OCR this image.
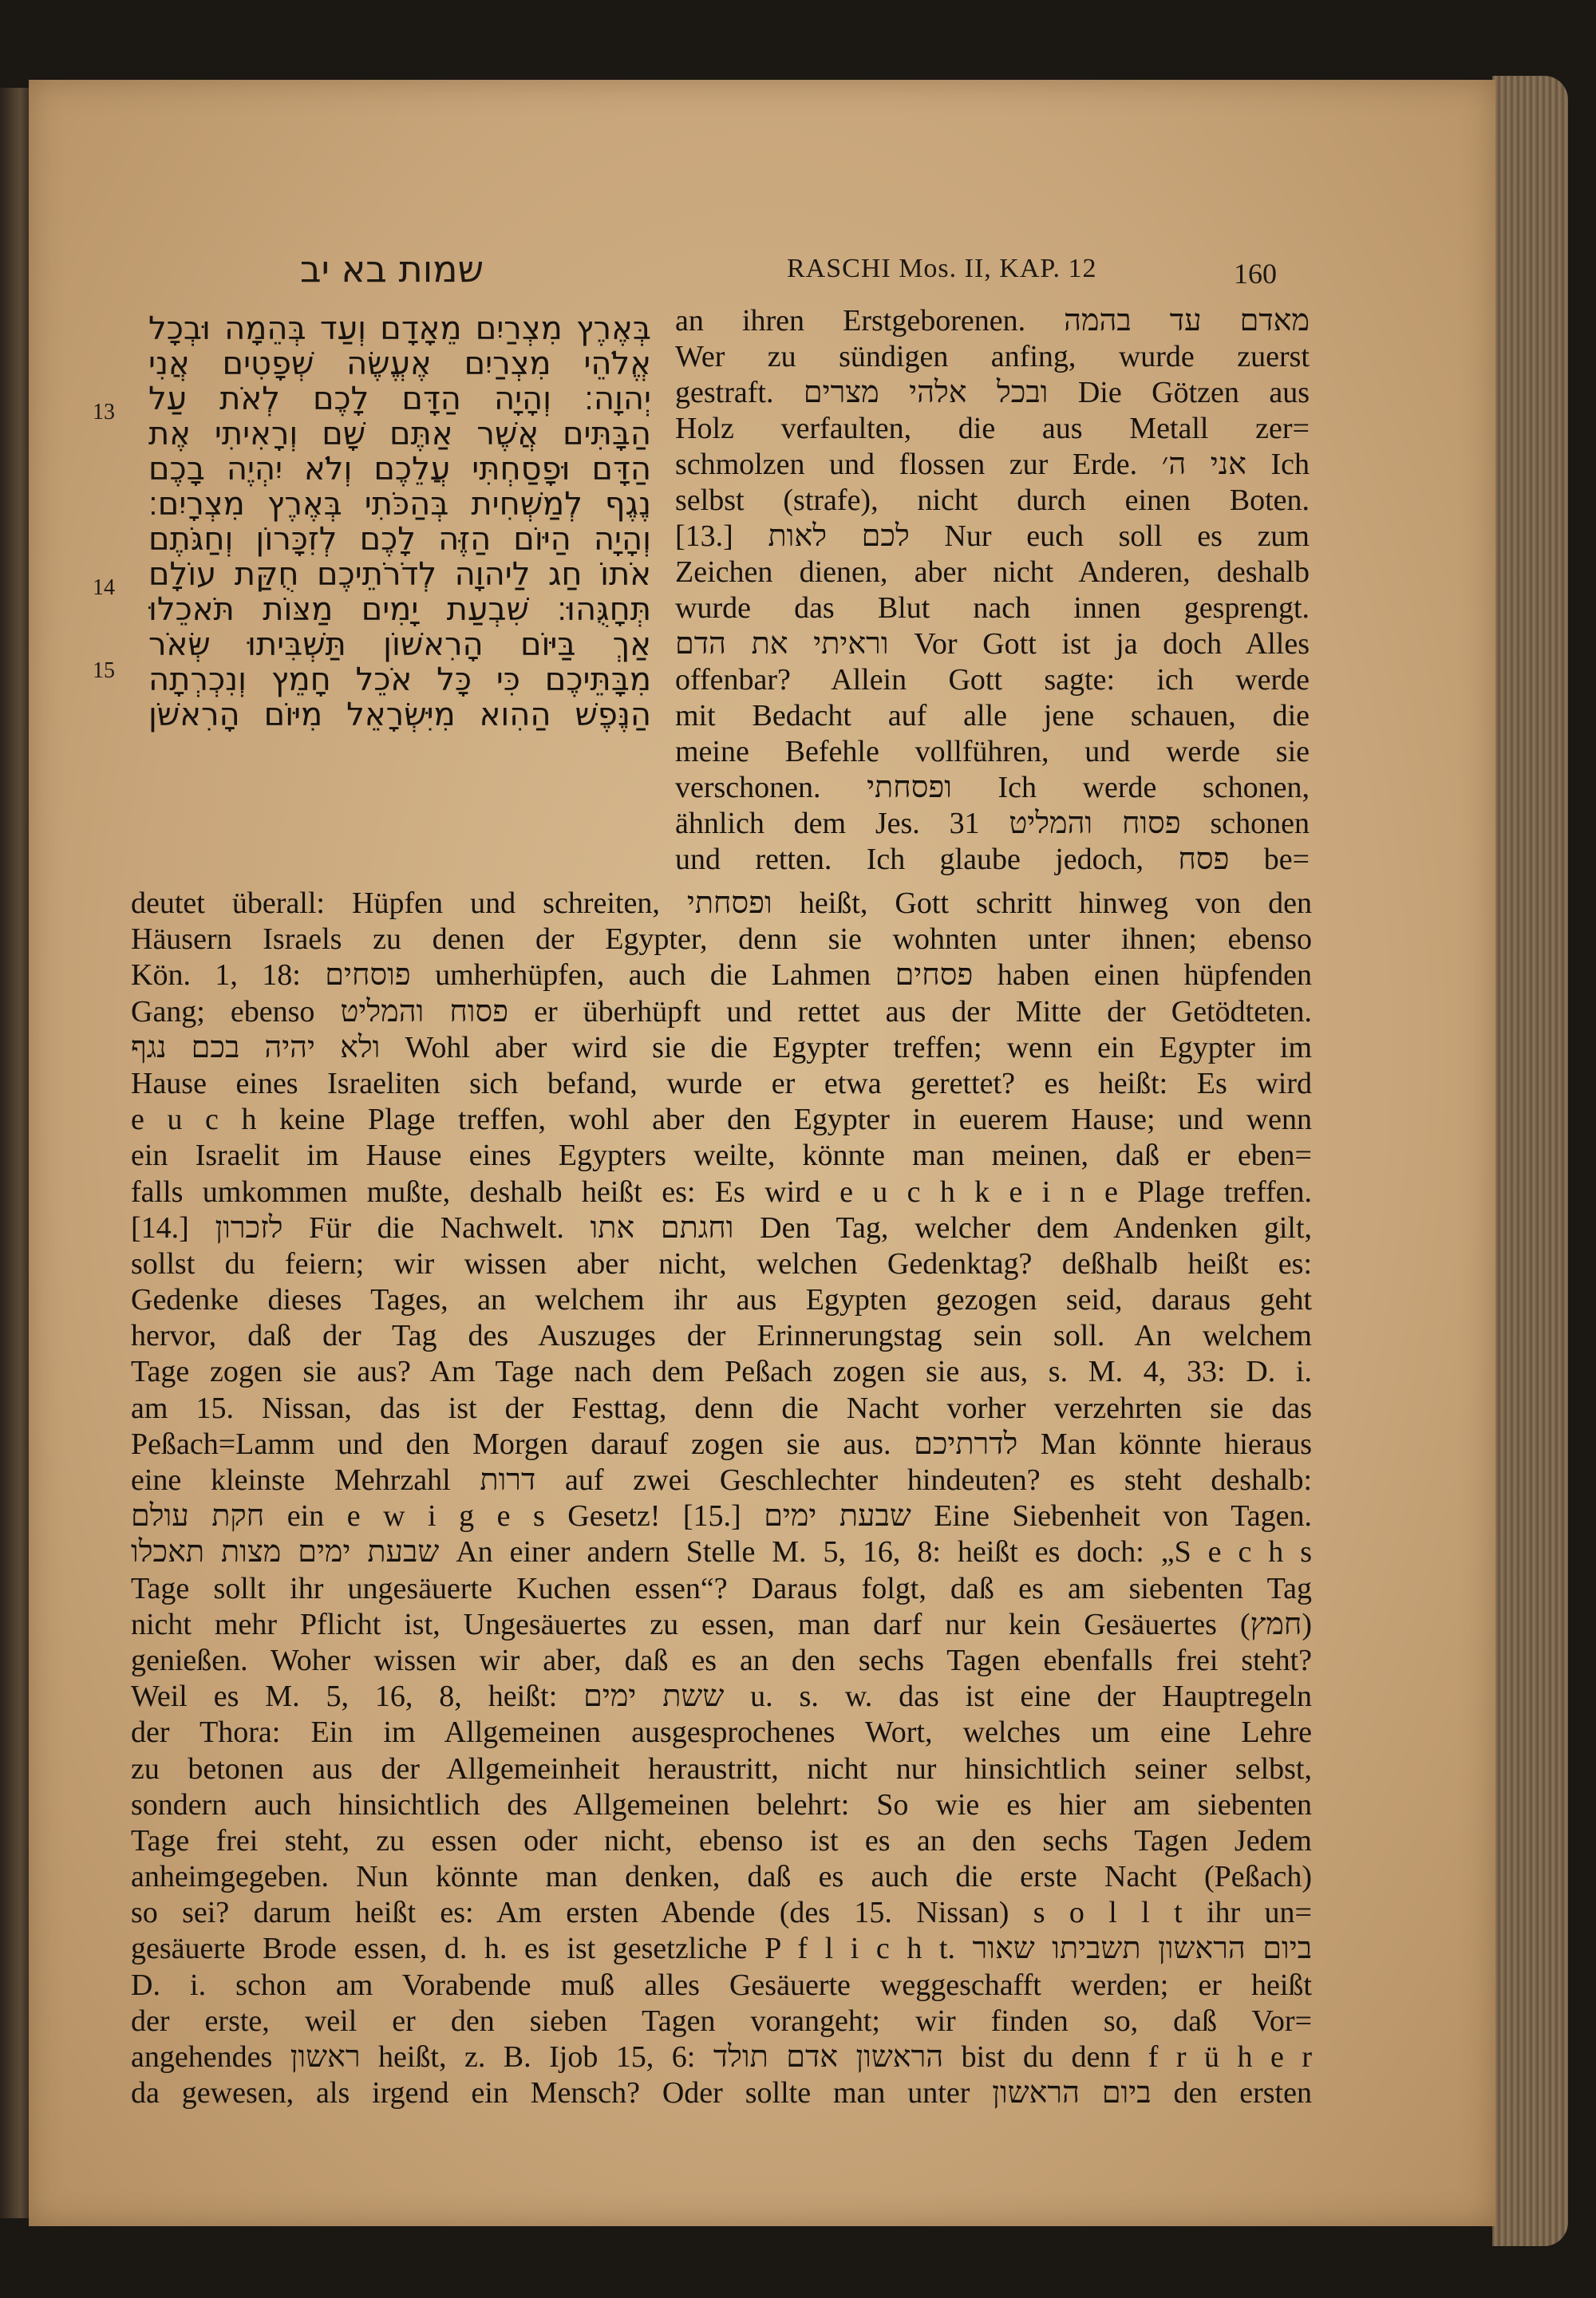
שמות בא יב	RASCHI Mos. II, KAP. 12	160
13
14
15
בְּאֶרֶץ מִצְרַיִם מֵאָדָם וְעַד בְּהֵמָה וּבְכָל
אֱלֹהֵי מִצְרַיִם אֶעֱשֶׂה שְׁפָטִים אֲנִי
יְהוָה׃ וְהָיָה הַדָּם לָכֶם לְאֹת עַל
הַבָּתִּים אֲשֶׁר אַתֶּם שָׁם וְרָאִיתִי אֶת
הַדָּם וּפָסַחְתִּי עֲלֵכֶם וְלֹא יִהְיֶה בָכֶם
נֶגֶף לְמַשְׁחִית בְּהַכֹּתִי בְּאֶרֶץ מִצְרָיִם׃
וְהָיָה הַיּוֹם הַזֶּה לָכֶם לְזִכָּרוֹן וְחַגֹּתֶם
אֹתוֹ חַג לַיהוָה לְדֹרֹתֵיכֶם חֻקַּת עוֹלָם
תְּחָגֻּהוּ׃ שִׁבְעַת יָמִים מַצּוֹת תֹּאכֵלוּ
אַךְ בַּיּוֹם הָרִאשׁוֹן תַּשְׁבִּיתוּ שְּׂאֹר
מִבָּתֵּיכֶם כִּי כָּל אֹכֵל חָמֵץ וְנִכְרְתָה
הַנֶּפֶשׁ הַהִוא מִיִּשְׂרָאֵל מִיּוֹם הָרִאשֹׁן
an ihren Erstgeborenen. מאדם עד בהמה
Wer zu sündigen anfing, wurde zuerst
gestraft. ובכל אלהי מצרים Die Götzen aus
Holz verfaulten, die aus Metall zer=
schmolzen und flossen zur Erde. אני ה׳ Ich
selbst (strafe), nicht durch einen Boten.
[13.] לכם לאות Nur euch soll es zum
Zeichen dienen, aber nicht Anderen, deshalb
wurde das Blut nach innen gesprengt.
וראיתי את הדם Vor Gott ist ja doch Alles
offenbar? Allein Gott sagte: ich werde
mit Bedacht auf alle jene schauen, die
meine Befehle vollführen, und werde sie
verschonen. ופסחתי Ich werde schonen,
ähnlich dem Jes. 31 פסוח והמליט schonen
und retten. Ich glaube jedoch, פסח be=
deutet überall: Hüpfen und schreiten, ופסחתי heißt, Gott schritt hinweg von den
Häusern Israels zu denen der Egypter, denn sie wohnten unter ihnen; ebenso
Kön. 1, 18: פוסחים umherhüpfen, auch die Lahmen פסחים haben einen hüpfenden
Gang; ebenso פסוח והמליט er überhüpft und rettet aus der Mitte der Getödteten.
ולא יהיה בכם נגף Wohl aber wird sie die Egypter treffen; wenn ein Egypter im
Hause eines Israeliten sich befand, wurde er etwa gerettet? es heißt: Es wird
e u c h keine Plage treffen, wohl aber den Egypter in euerem Hause; und wenn
ein Israelit im Hause eines Egypters weilte, könnte man meinen, daß er eben=
falls umkommen mußte, deshalb heißt es: Es wird e u c h k e i n e Plage treffen.
[14.] לזכרון Für die Nachwelt. וחגתם אתו Den Tag, welcher dem Andenken gilt,
sollst du feiern; wir wissen aber nicht, welchen Gedenktag? deßhalb heißt es:
Gedenke dieses Tages, an welchem ihr aus Egypten gezogen seid, daraus geht
hervor, daß der Tag des Auszuges der Erinnerungstag sein soll. An welchem
Tage zogen sie aus? Am Tage nach dem Peßach zogen sie aus, s. M. 4, 33: D. i.
am 15. Nissan, das ist der Festtag, denn die Nacht vorher verzehrten sie das
Peßach=Lamm und den Morgen darauf zogen sie aus. לדרתיכם Man könnte hieraus
eine kleinste Mehrzahl דרות auf zwei Geschlechter hindeuten? es steht deshalb:
חקת עולם ein e w i g e s Gesetz! [15.] שבעת ימים Eine Siebenheit von Tagen.
שבעת ימים מצות תאכלו An einer andern Stelle M. 5, 16, 8: heißt es doch: „S e c h s
Tage sollt ihr ungesäuerte Kuchen essen“? Daraus folgt, daß es am siebenten Tag
nicht mehr Pflicht ist, Ungesäuertes zu essen, man darf nur kein Gesäuertes (חמץ)
genießen. Woher wissen wir aber, daß es an den sechs Tagen ebenfalls frei steht?
Weil es M. 5, 16, 8, heißt: ששת ימים u. s. w. das ist eine der Hauptregeln
der Thora: Ein im Allgemeinen ausgesprochenes Wort, welches um eine Lehre
zu betonen aus der Allgemeinheit heraustritt, nicht nur hinsichtlich seiner selbst,
sondern auch hinsichtlich des Allgemeinen belehrt: So wie es hier am siebenten
Tage frei steht, zu essen oder nicht, ebenso ist es an den sechs Tagen Jedem
anheimgegeben. Nun könnte man denken, daß es auch die erste Nacht (Peßach)
so sei? darum heißt es: Am ersten Abende (des 15. Nissan) s o l l t ihr un=
gesäuerte Brode essen, d. h. es ist gesetzliche P f l i c h t. ביום הראשון תשביתו שאור
D. i. schon am Vorabende muß alles Gesäuerte weggeschafft werden; er heißt
der erste, weil er den sieben Tagen vorangeht; wir finden so, daß Vor=
angehendes ראשון heißt, z. B. Ijob 15, 6: הראשון אדם תולד bist du denn f r ü h e r
da gewesen, als irgend ein Mensch? Oder sollte man unter ביום הראשון den ersten
